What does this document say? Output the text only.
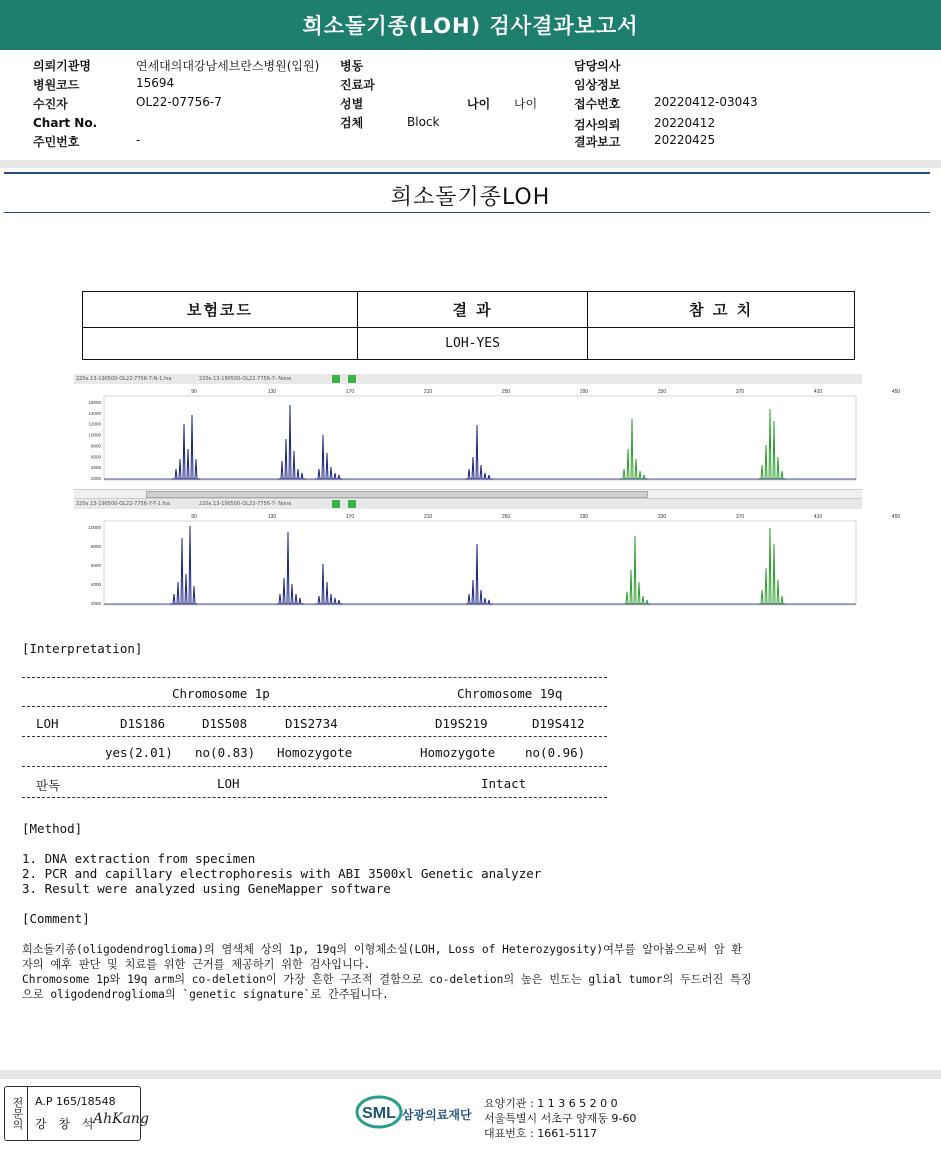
희소돌기종(LOH) 검사결과보고서
의뢰기관명	연세대의대강남세브란스병원(입원)
병원코드	15694
수진자	OL22-07756-7
Chart No.
주민번호	-
병동
진료과
성별
검체	Block
나이 나이
담당의사
임상정보
접수번호	20220412-03043
검사의뢰	20220412
결과보고	20220425
희소돌기종LOH
보험코드	결 과	참 고 치
	LOH-YES	
220x.13-190500-OL22-7756-7-N-1.fsa	220x.13-190500-OL22-7756-7- None
90	130	170	210	250	290	330	370	410	450
16000
14000
12000
10000
8000
6000
4000
2000
220x.13-190500-OL22-7756-7-T-1.fsa	220x.13-190500-OL22-7756-7- None
90	130	170	210	250	290	330	370	410	450
10000
8000
6000
4000
2000
[Interpretation]
Chromosome 1p	Chromosome 19q
LOH	D1S186	D1S508	D1S2734	D19S219	D19S412
yes(2.01) no(0.83) Homozygote	Homozygote no(0.96)
판독	LOH	Intact
[Method]
1. DNA extraction from specimen
2. PCR and capillary electrophoresis with ABI 3500xl Genetic analyzer
3. Result were analyzed using GeneMapper software
[Comment]
희소돌기종(oligodendroglioma)의 염색체 상의 1p, 19q의 이형체소실(LOH, Loss of Heterozygosity)여부를 알아봄으로써 암 환
자의 예후 판단 및 치료를 위한 근거를 제공하기 위한 검사입니다.
Chromosome 1p와 19q arm의 co-deletion이 가장 흔한 구조적 결함으로 co-deletion의 높은 빈도는 glial tumor의 두드러진 특징
으로 oligodendroglioma의 `genetic signature`로 간주됩니다.
전문의	A.P 165/18548
강 창 석
AhKang	SML 삼광의료재단
요양기관 : 1 1 3 6 5 2 0 0
서울특별시 서초구 양재동 9-60
대표번호 : 1661-5117
